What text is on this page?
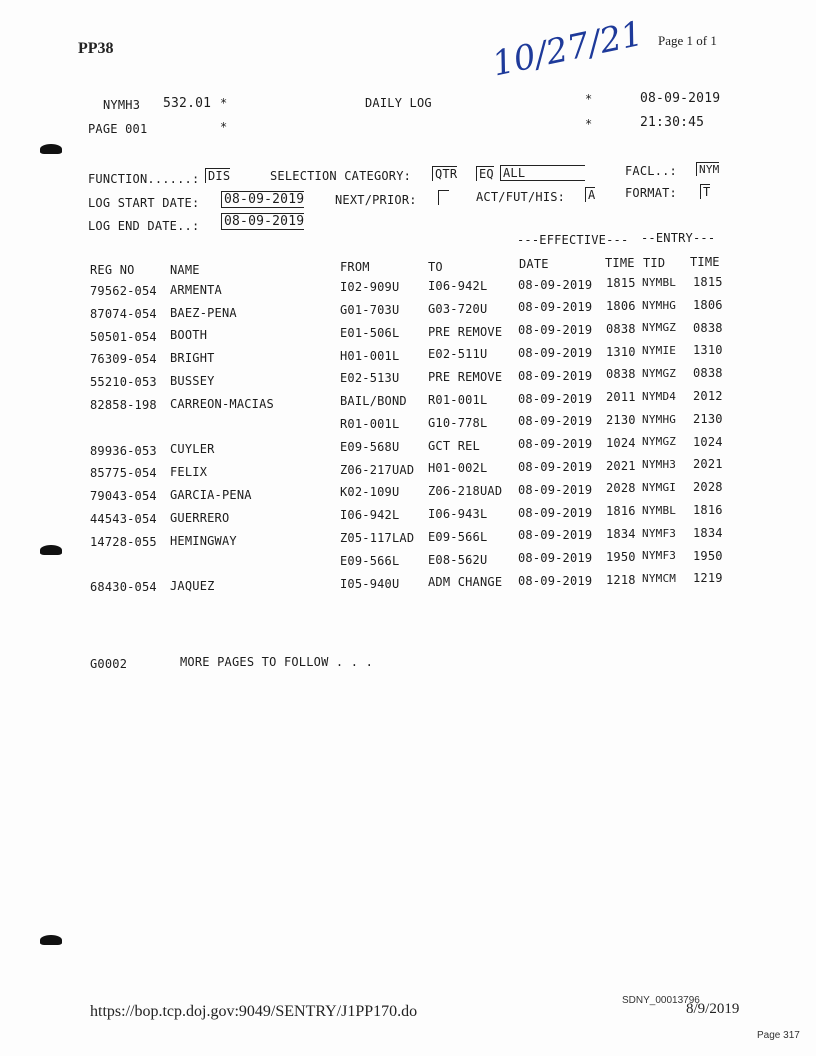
PP38	Page 1 of 1
10/27/21
NYMH3 532.01 *	DAILY LOG	*	08-09-2019
PAGE 001	*	*	21:30:45
FUNCTION......: DIS	SELECTION CATEGORY: QTR EQ ALL	FACL..: NYM
LOG START DATE: 08-09-2019	NEXT/PRIOR:	ACT/FUT/HIS: A FORMAT: T
LOG END DATE..: 08-09-2019
---EFFECTIVE--- --ENTRY---
REG NO	NAME	FROM	TO	DATE	TIME TID TIME
79562-054 ARMENTA	I02-909U I06-942L	08-09-2019 1815 NYMBL 1815
87074-054 BAEZ-PENA	G01-703U G03-720U	08-09-2019 1806 NYMHG 1806
50501-054 BOOTH	E01-506L PRE REMOVE 08-09-2019 0838 NYMGZ 0838
76309-054 BRIGHT	H01-001L E02-511U	08-09-2019 1310 NYMIE 1310
55210-053 BUSSEY	E02-513U PRE REMOVE 08-09-2019 0838 NYMGZ 0838
82858-198 CARREON-MACIAS	BAIL/BOND R01-001L	08-09-2019 2011 NYMD4 2012
R01-001L G10-778L	08-09-2019 2130 NYMHG 2130
89936-053 CUYLER	E09-568U GCT REL	08-09-2019 1024 NYMGZ 1024
85775-054 FELIX	Z06-217UAD H01-002L	08-09-2019 2021 NYMH3 2021
79043-054 GARCIA-PENA	K02-109U Z06-218UAD 08-09-2019 2028 NYMGI 2028
44543-054 GUERRERO	I06-942L I06-943L	08-09-2019 1816 NYMBL 1816
14728-055 HEMINGWAY	Z05-117LAD E09-566L	08-09-2019 1834 NYMF3 1834
E09-566L E08-562U	08-09-2019 1950 NYMF3 1950
68430-054 JAQUEZ	I05-940U ADM CHANGE 08-09-2019 1218 NYMCM 1219
G0002	MORE PAGES TO FOLLOW . . .
https://bop.tcp.doj.gov:9049/SENTRY/J1PP170.do
SDNY_00013796
8/9/2019
Page 317
